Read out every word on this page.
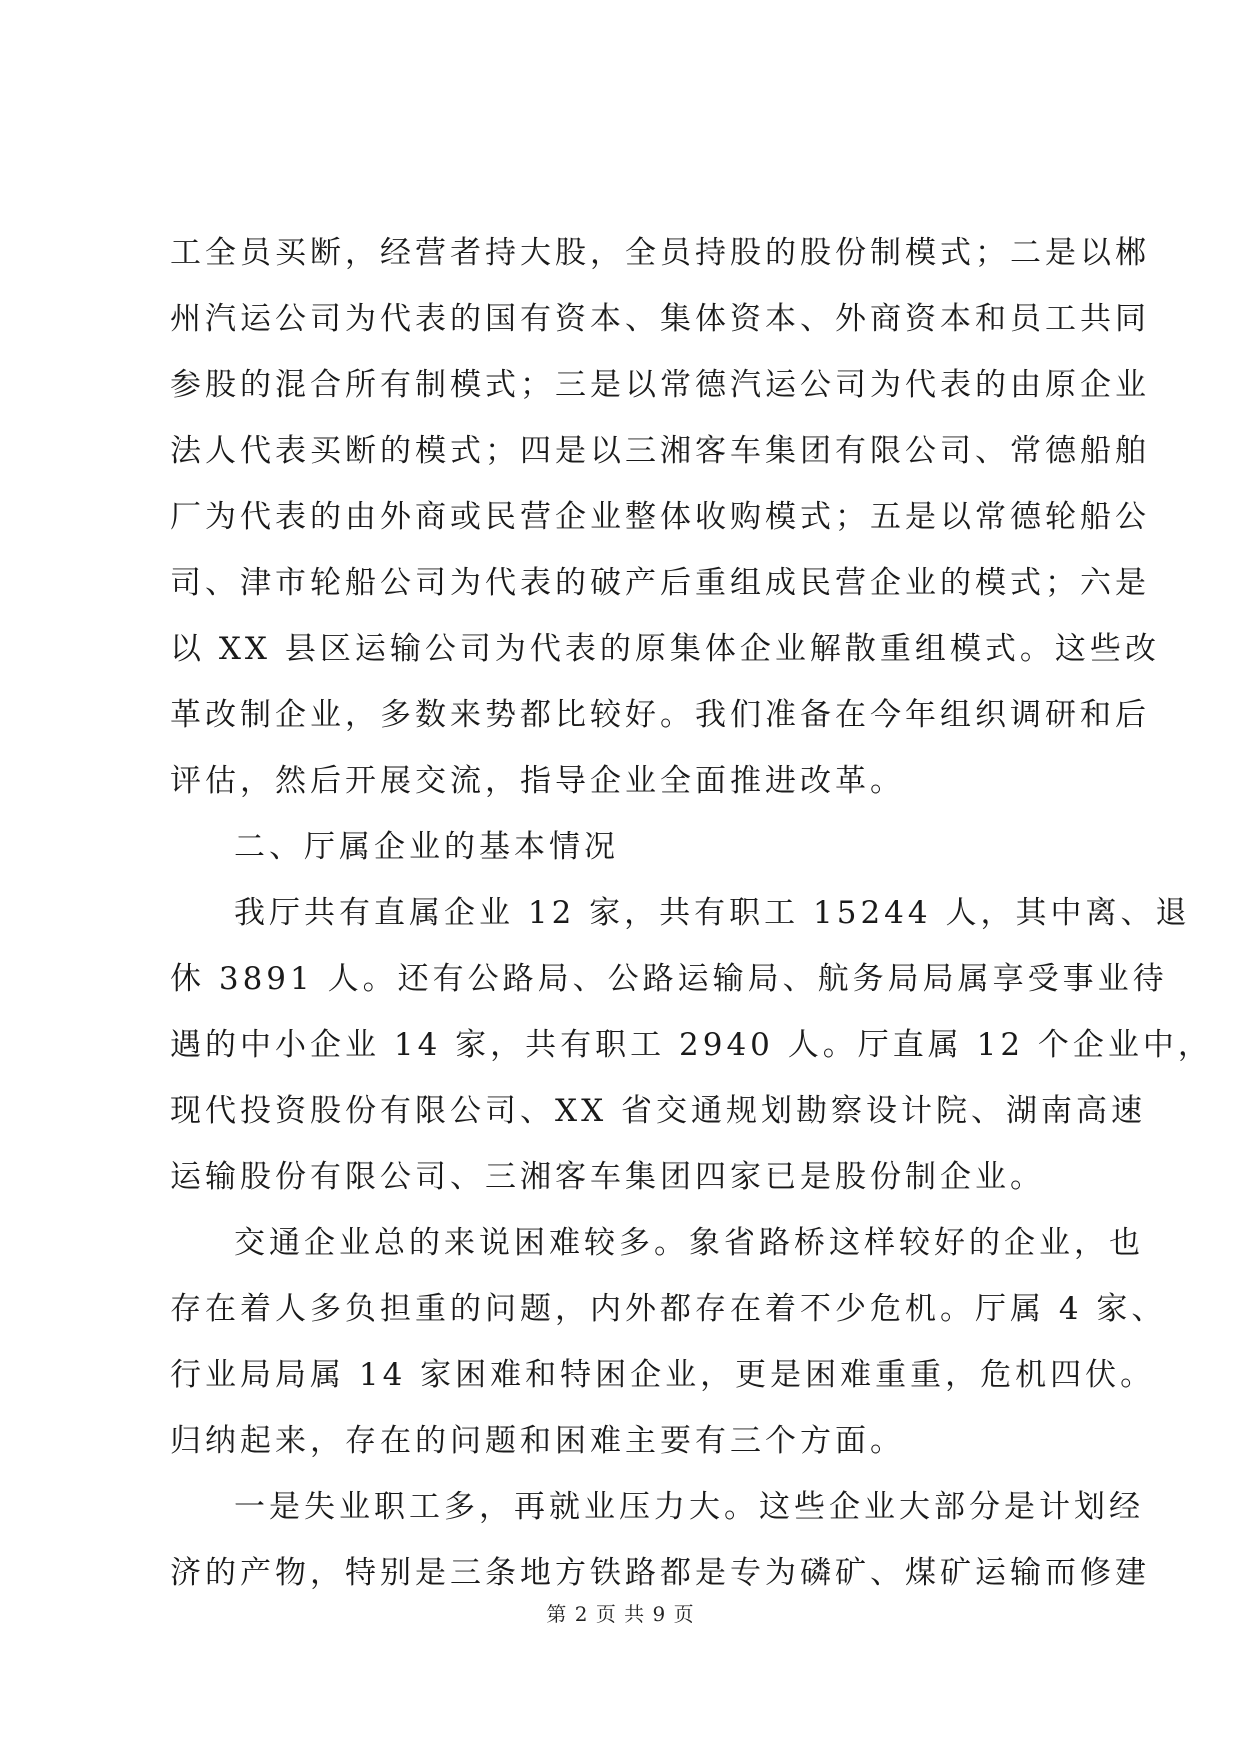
工全员买断，经营者持大股，全员持股的股份制模式；二是以郴
州汽运公司为代表的国有资本、集体资本、外商资本和员工共同
参股的混合所有制模式；三是以常德汽运公司为代表的由原企业
法人代表买断的模式；四是以三湘客车集团有限公司、常德船舶
厂为代表的由外商或民营企业整体收购模式；五是以常德轮船公
司、津市轮船公司为代表的破产后重组成民营企业的模式；六是
以 XX 县区运输公司为代表的原集体企业解散重组模式。这些改
革改制企业，多数来势都比较好。我们准备在今年组织调研和后
评估，然后开展交流，指导企业全面推进改革。
二、厅属企业的基本情况
我厅共有直属企业 12 家，共有职工 15244 人，其中离、退
休 3891 人。还有公路局、公路运输局、航务局局属享受事业待
遇的中小企业 14 家，共有职工 2940 人。厅直属 12 个企业中，
现代投资股份有限公司、XX 省交通规划勘察设计院、湖南高速
运输股份有限公司、三湘客车集团四家已是股份制企业。
交通企业总的来说困难较多。象省路桥这样较好的企业，也
存在着人多负担重的问题，内外都存在着不少危机。厅属 4 家、
行业局局属 14 家困难和特困企业，更是困难重重，危机四伏。
归纳起来，存在的问题和困难主要有三个方面。
一是失业职工多，再就业压力大。这些企业大部分是计划经
济的产物，特别是三条地方铁路都是专为磷矿、煤矿运输而修建
第 2 页 共 9 页
